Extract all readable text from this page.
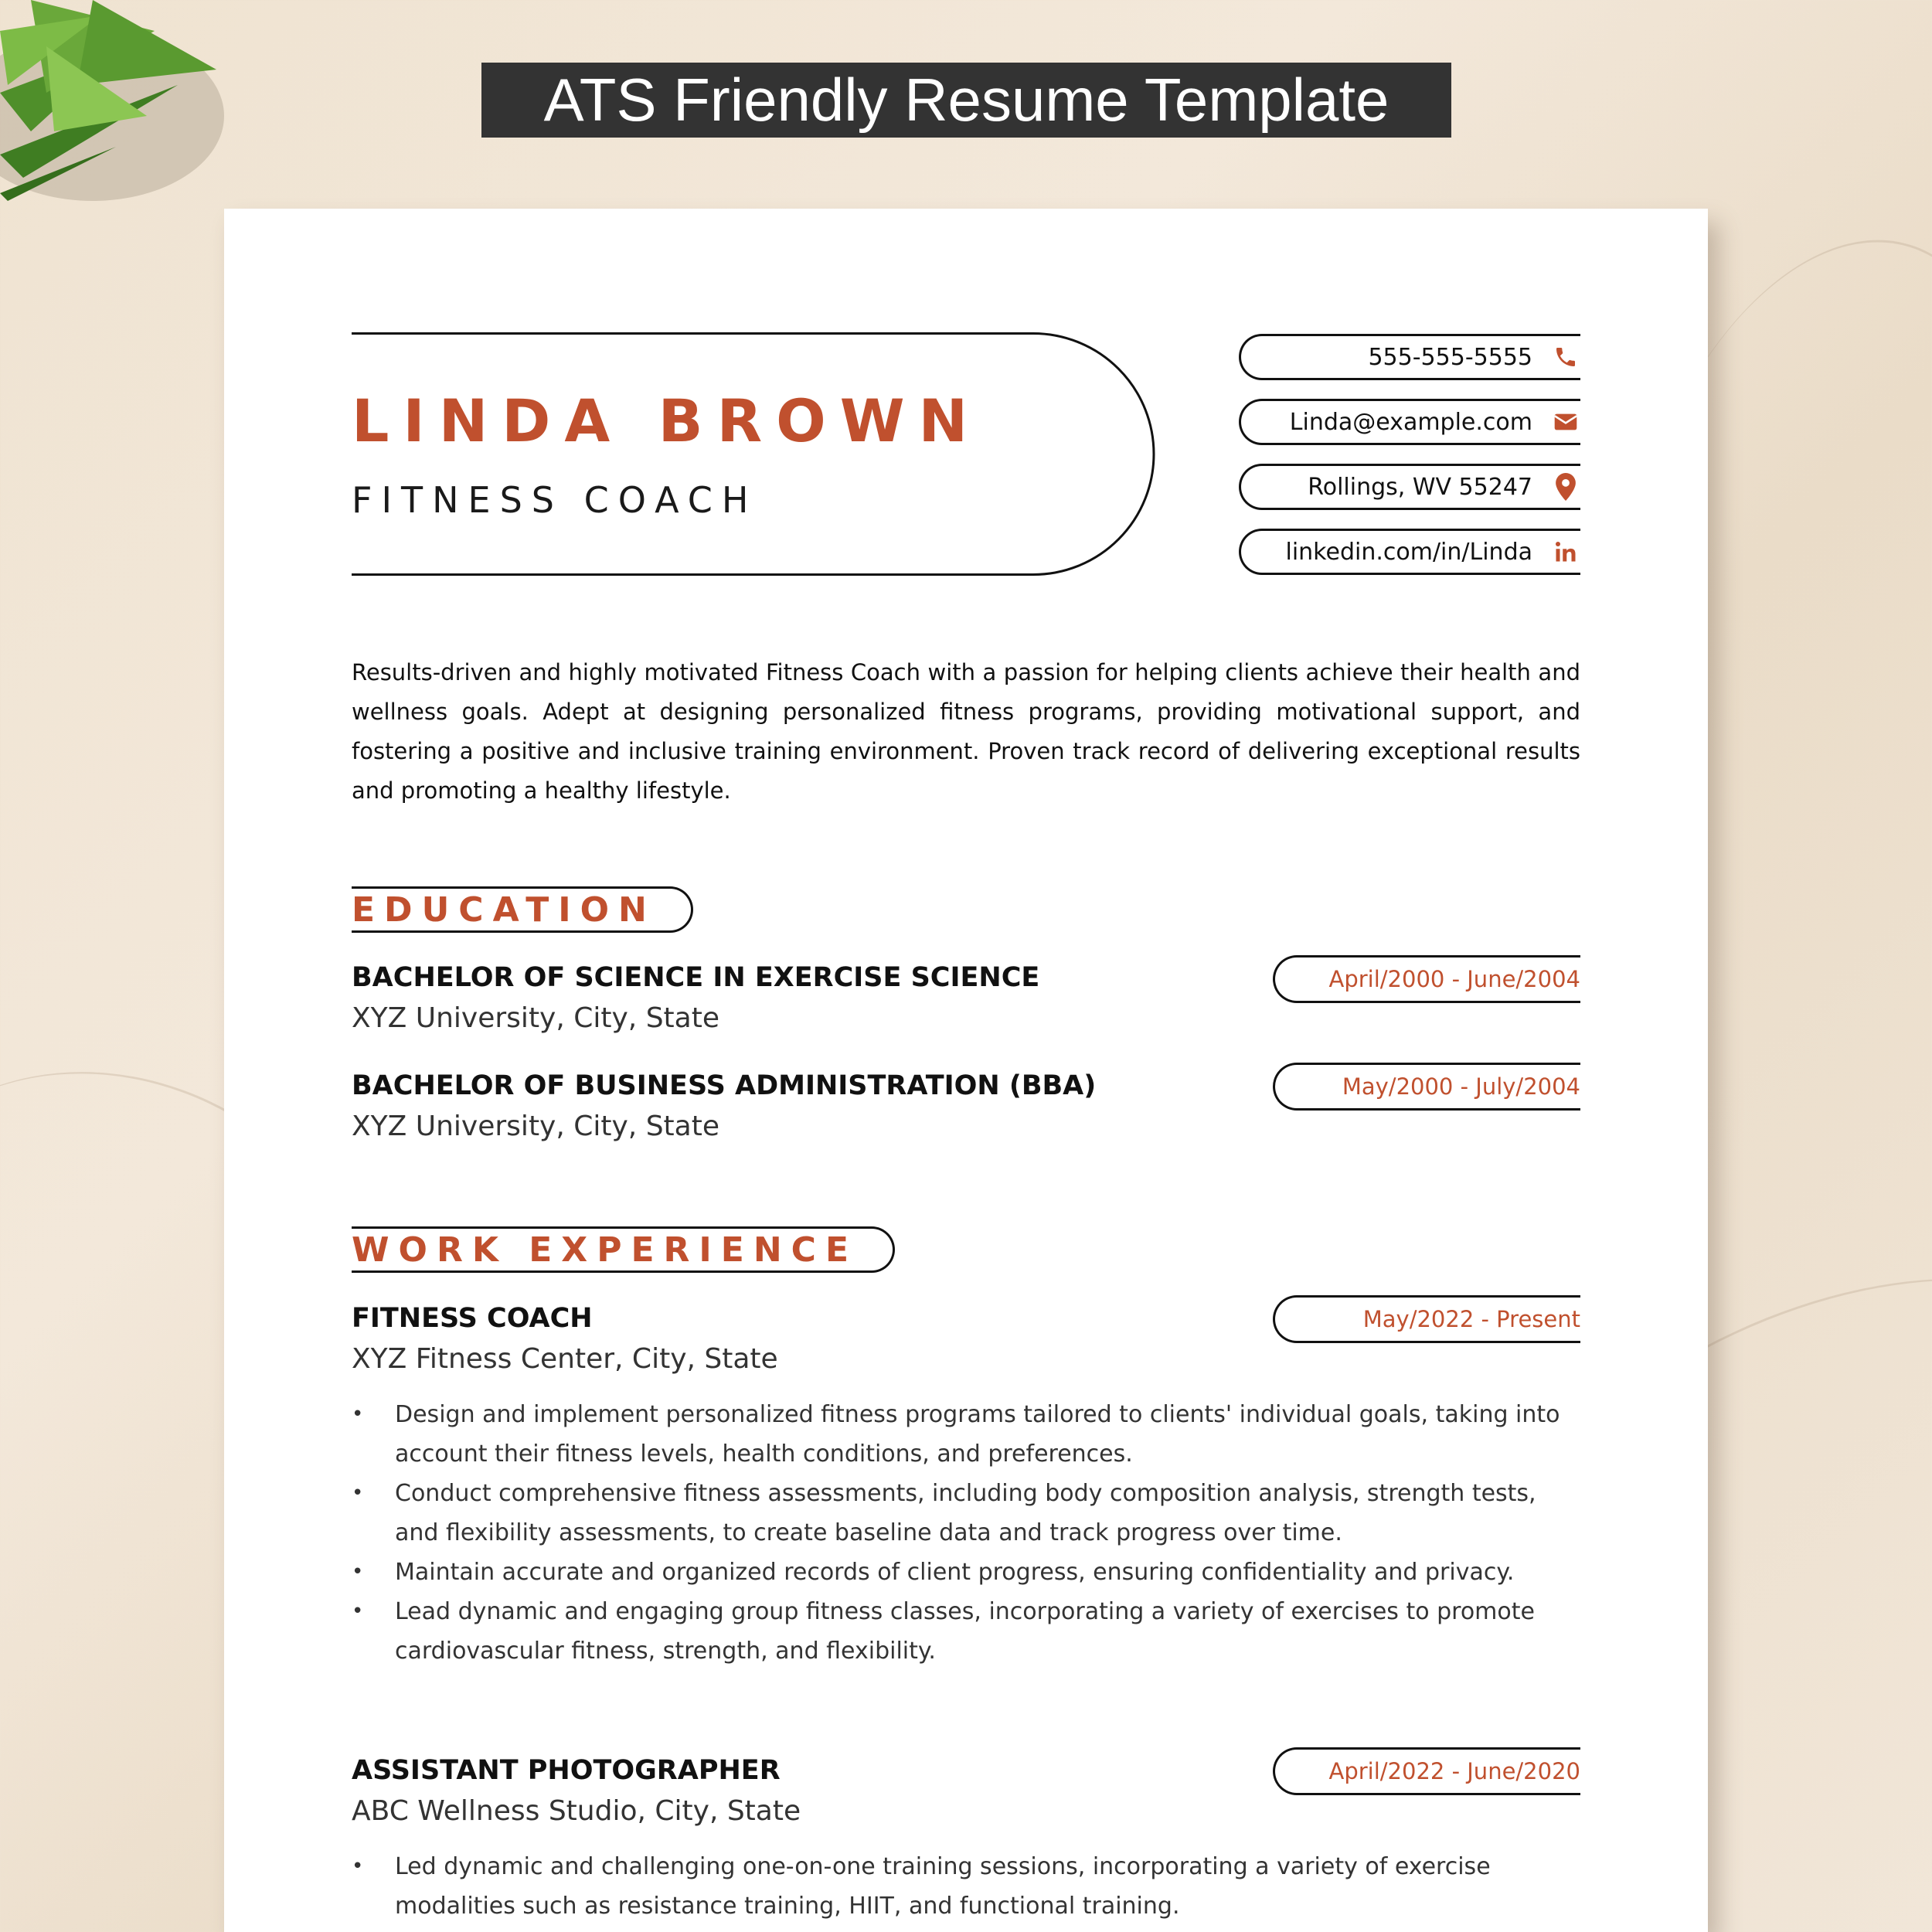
ATS Friendly Resume Template
LINDA BROWN
FITNESS COACH
555-555-5555
Linda@example.com
Rollings, WV 55247
linkedin.com/in/Linda
Results-driven and highly motivated Fitness Coach with a passion for helping clients achieve their health and wellness goals. Adept at designing personalized fitness programs, providing motivational support, and fostering a positive and inclusive training environment. Proven track record of delivering exceptional results and promoting a healthy lifestyle.
EDUCATION
BACHELOR OF SCIENCE IN EXERCISE SCIENCE
XYZ University, City, State
April/2000 - June/2004
BACHELOR OF BUSINESS ADMINISTRATION (BBA)
XYZ University, City, State
May/2000 - July/2004
WORK EXPERIENCE
FITNESS COACH
XYZ Fitness Center, City, State
May/2022 - Present
• Design and implement personalized fitness programs tailored to clients' individual goals, taking into account their fitness levels, health conditions, and preferences.
• Conduct comprehensive fitness assessments, including body composition analysis, strength tests, and flexibility assessments, to create baseline data and track progress over time.
• Maintain accurate and organized records of client progress, ensuring confidentiality and privacy.
• Lead dynamic and engaging group fitness classes, incorporating a variety of exercises to promote cardiovascular fitness, strength, and flexibility.
ASSISTANT PHOTOGRAPHER
ABC Wellness Studio, City, State
April/2022 - June/2020
• Led dynamic and challenging one-on-one training sessions, incorporating a variety of exercise modalities such as resistance training, HIIT, and functional training.
